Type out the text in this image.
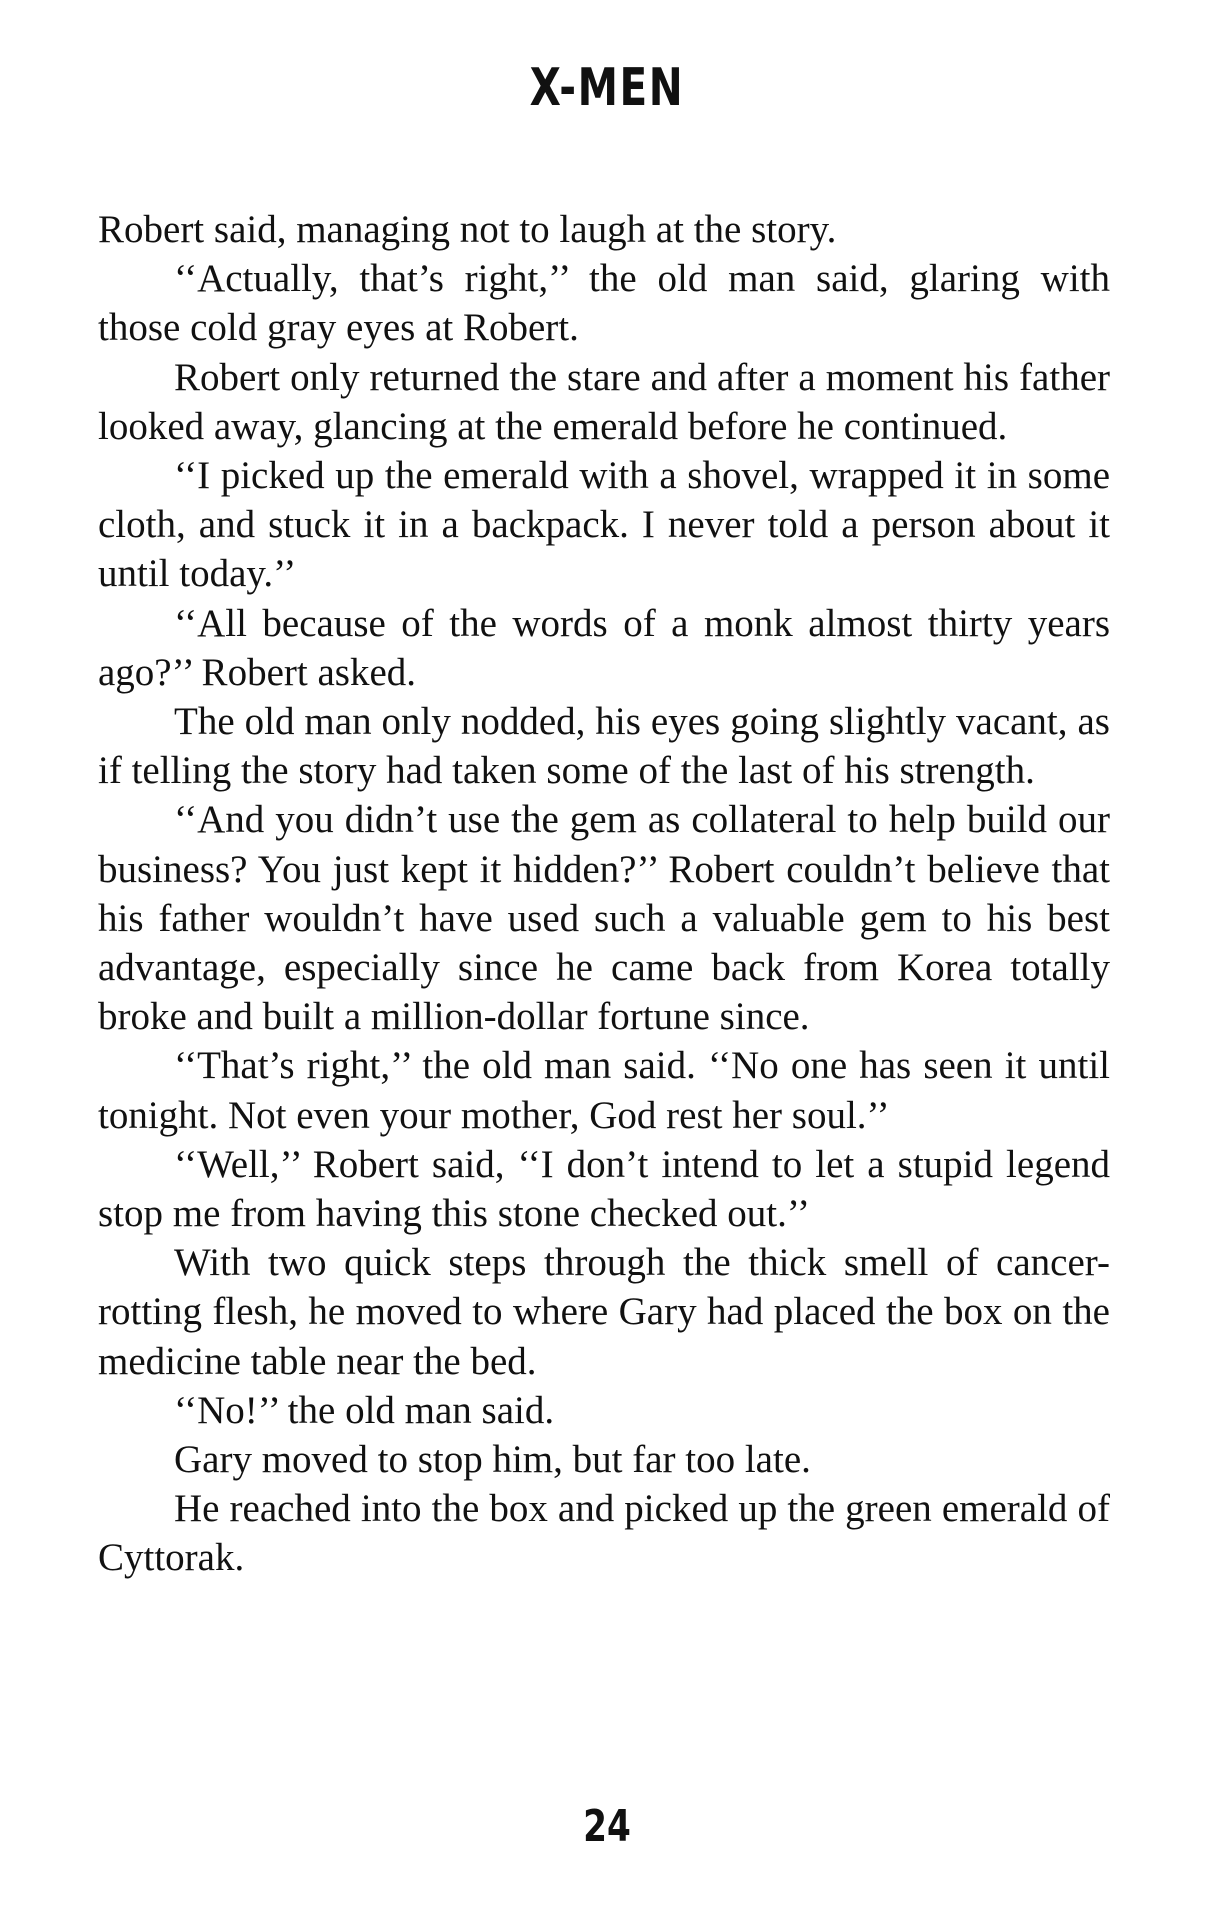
X-MEN

Robert said, managing not to laugh at the story.

‘‘Actually, that’s right,’’ the old man said, glaring with those cold gray eyes at Robert.

Robert only returned the stare and after a moment his father looked away, glancing at the emerald before he continued.

‘‘I picked up the emerald with a shovel, wrapped it in some cloth, and stuck it in a backpack. I never told a person about it until today.’’

‘‘All because of the words of a monk almost thirty years ago?’’ Robert asked.

The old man only nodded, his eyes going slightly vacant, as if telling the story had taken some of the last of his strength.

‘‘And you didn’t use the gem as collateral to help build our business? You just kept it hidden?’’ Robert couldn’t believe that his father wouldn’t have used such a valuable gem to his best advantage, especially since he came back from Korea totally broke and built a million-dollar fortune since.

‘‘That’s right,’’ the old man said. ‘‘No one has seen it until tonight. Not even your mother, God rest her soul.’’

‘‘Well,’’ Robert said, ‘‘I don’t intend to let a stupid legend stop me from having this stone checked out.’’

With two quick steps through the thick smell of cancer-rotting flesh, he moved to where Gary had placed the box on the medicine table near the bed.

‘‘No!’’ the old man said.

Gary moved to stop him, but far too late.

He reached into the box and picked up the green emerald of Cyttorak.

24
